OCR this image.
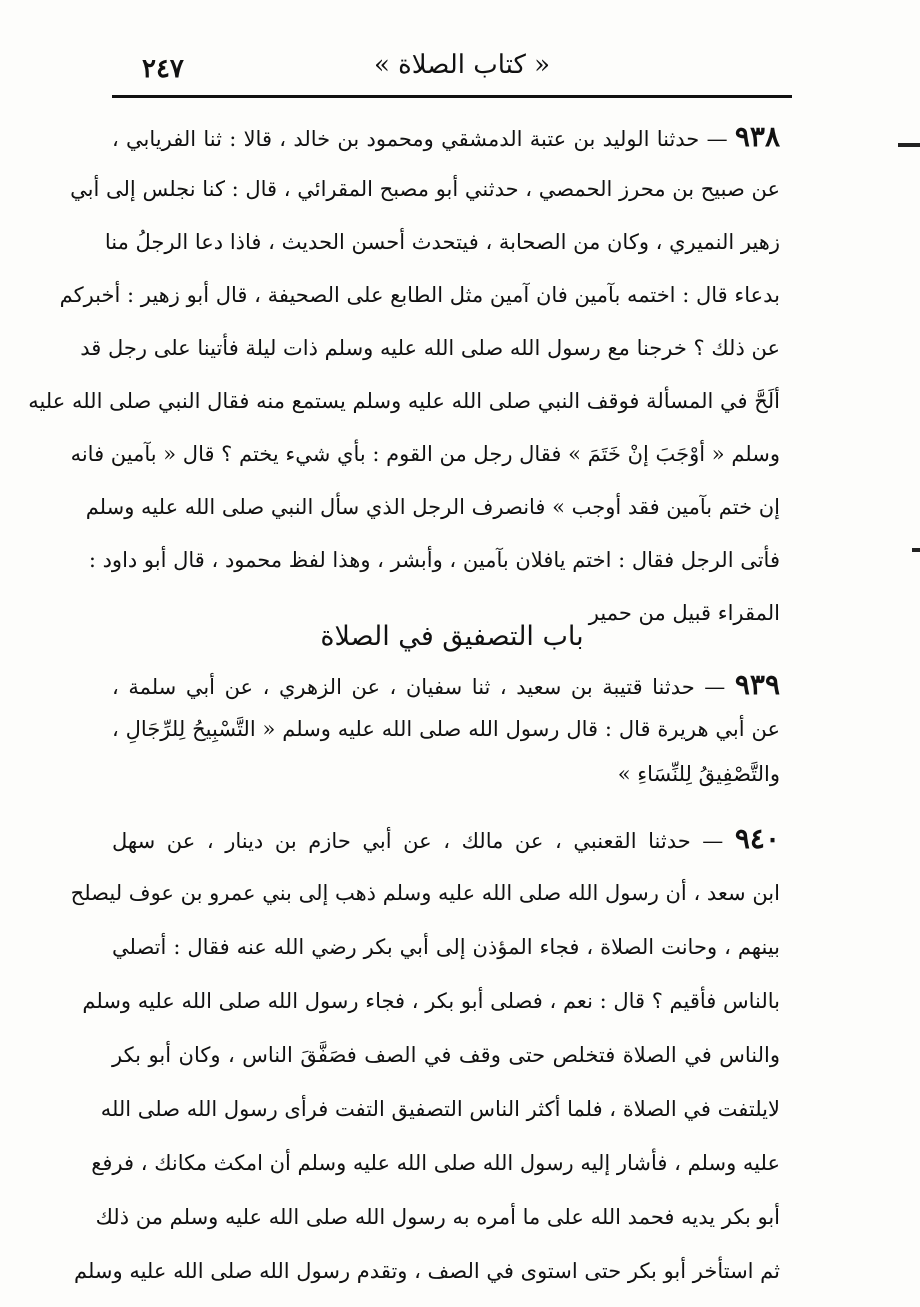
٢٤٧	« كتاب الصلاة »
٩٣٨ — حدثنا الوليد بن عتبة الدمشقي ومحمود بن خالد ، قالا : ثنا الفريابي ،
عن صبيح بن محرز الحمصي ، حدثني أبو مصبح المقرائي ، قال : كنا نجلس إلى أبي
زهير النميري ، وكان من الصحابة ، فيتحدث أحسن الحديث ، فاذا دعا الرجلُ منا
بدعاء قال : اختمه بآمين فان آمين مثل الطابع على الصحيفة ، قال أبو زهير : أخبركم
عن ذلك ؟ خرجنا مع رسول الله صلى الله عليه وسلم ذات ليلة فأتينا على رجل قد
ألَحَّ في المسألة فوقف النبي صلى الله عليه وسلم يستمع منه فقال النبي صلى الله عليه
وسلم « أوْجَبَ إنْ خَتَمَ » فقال رجل من القوم : بأي شيء يختم ؟ قال « بآمين فانه
إن ختم بآمين فقد أوجب » فانصرف الرجل الذي سأل النبي صلى الله عليه وسلم
فأتى الرجل فقال : اختم يافلان بآمين ، وأبشر ، وهذا لفظ محمود ، قال أبو داود :
المقراء قبيل من حمير
باب التصفيق في الصلاة
٩٣٩ — حدثنا قتيبة بن سعيد ، ثنا سفيان ، عن الزهري ، عن أبي سلمة ،
عن أبي هريرة قال : قال رسول الله صلى الله عليه وسلم « التَّسْبِيحُ لِلرِّجَالِ ،
والتَّصْفِيقُ لِلنِّسَاءِ »
٩٤٠ — حدثنا القعنبي ، عن مالك ، عن أبي حازم بن دينار ، عن سهل
ابن سعد ، أن رسول الله صلى الله عليه وسلم ذهب إلى بني عمرو بن عوف ليصلح
بينهم ، وحانت الصلاة ، فجاء المؤذن إلى أبي بكر رضي الله عنه فقال : أتصلي
بالناس فأقيم ؟ قال : نعم ، فصلى أبو بكر ، فجاء رسول الله صلى الله عليه وسلم
والناس في الصلاة فتخلص حتى وقف في الصف فصَفَّقَ الناس ، وكان أبو بكر
لايلتفت في الصلاة ، فلما أكثر الناس التصفيق التفت فرأى رسول الله صلى الله
عليه وسلم ، فأشار إليه رسول الله صلى الله عليه وسلم أن امكث مكانك ، فرفع
أبو بكر يديه فحمد الله على ما أمره به رسول الله صلى الله عليه وسلم من ذلك
ثم استأخر أبو بكر حتى استوى في الصف ، وتقدم رسول الله صلى الله عليه وسلم
